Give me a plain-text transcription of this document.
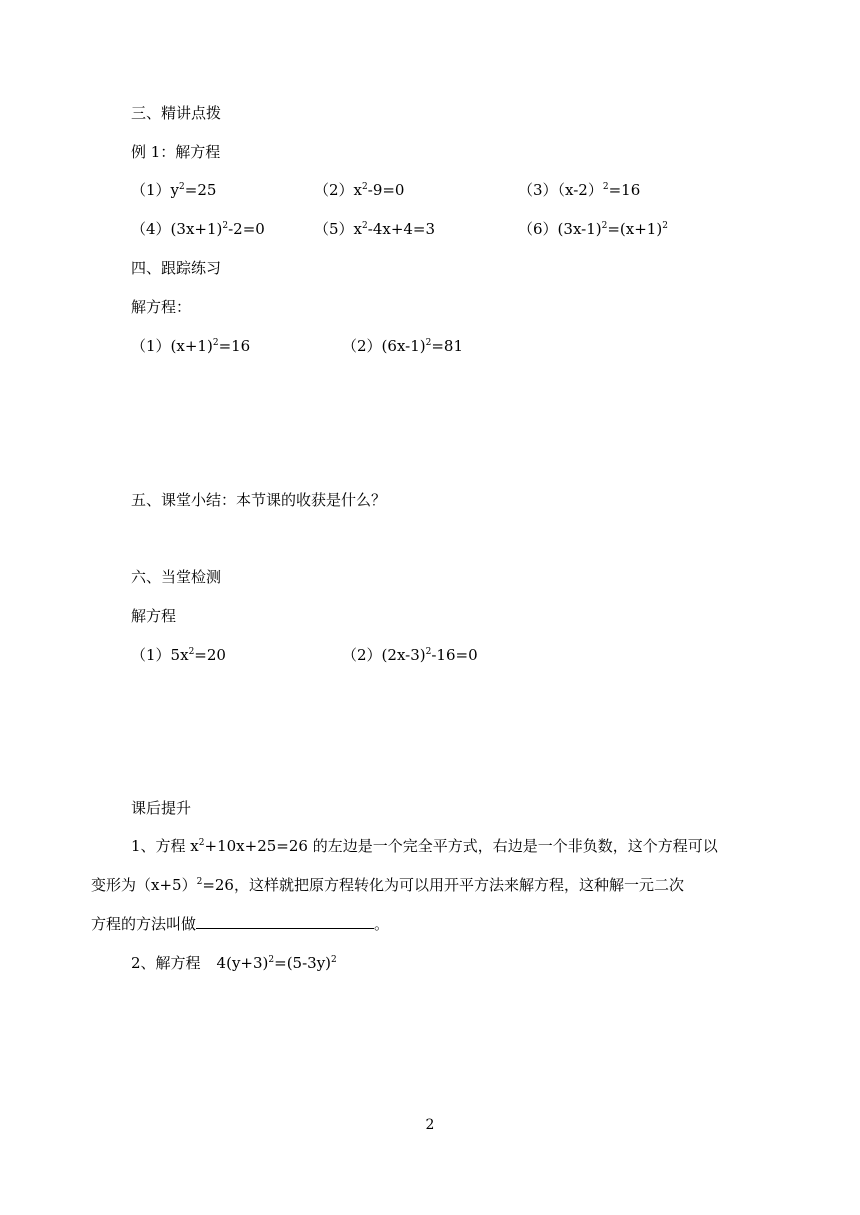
三、精讲点拨
例 1：解方程
$(1)y^2=25$	$(2)x^2-9=0$	$(3)(x-2)^2=16$
$(4)(3x+1)^2-2=0$	$(5)x^2-4x+4=3$	$(6)(3x-1)^2=(x+1)^2$
四、跟踪练习
解方程：
$(1)(x+1)^2=16$	$(2)(6x-1)^2=81$
五、课堂小结：本节课的收获是什么？
六、当堂检测
解方程
$(1)5x^2=20$	$(2)(2x-3)^2-16=0$
课后提升
1、方程 $x^2+10x+25=26$ 的左边是一个完全平方式，右边是一个非负数，这个方程可以
变形为$(x+5)^2=26$，这样就把原方程转化为可以用开平方法来解方程，这种解一元二次
方程的方法叫做	。
2、解方程 $4(y+3)^2=(5-3y)^2$
2
